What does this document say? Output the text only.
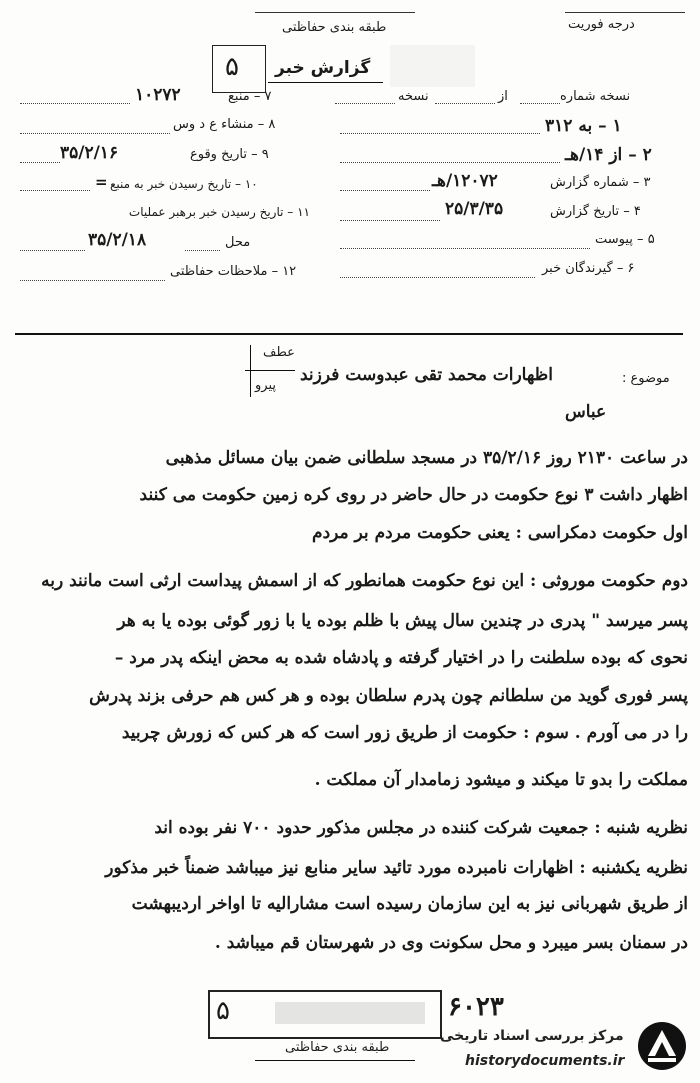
درجه فوریت
طبقه بندی حفاظتی
۵ گزارش خبر
نسخه شماره
از
نسخه
۱ – به ۳۱۲
۲ – از ۱۴/هـ
۳ – شماره گزارش
۱۲۰۷۲/هـ
۴ – تاریخ گزارش
۲۵/۳/۳۵
۵ – پیوست
۶ – گیرندگان خبر
۷ – منبع
۱۰۲۷۲
۸ – منشاء ع د وس
۹ – تاریخ وقوع
۳۵/۲/۱۶
۱۰ – تاریخ رسیدن خبر به منبع
=
۱۱ – تاریخ رسیدن خبر برهبر عملیات
محل
۳۵/۲/۱۸
۱۲ – ملاحظات حفاظتی
موضوع :
اظهارات محمد تقی عبدوست فرزند
عباس
عطف
پیرو
در ساعت ۲۱۳۰ روز ۳۵/۲/۱۶ در مسجد سلطانی ضمن بیان مسائل مذهبی
اظهار داشت ۳ نوع حکومت در حال حاضر در روی کره زمین حکومت می کنند
اول حکومت دمکراسی : یعنی حکومت مردم بر مردم
دوم حکومت موروثی : این نوع حکومت همانطور که از اسمش پیداست ارثی است مانند ربه
پسر میرسد " پدری در چندین سال پیش با ظلم بوده یا با زور گوئی بوده یا به هر
نحوی که بوده سلطنت را در اختیار گرفته و پادشاه شده به محض اینکه پدر مرد –
پسر فوری گوید من سلطانم چون پدرم سلطان بوده و هر کس هم حرفی بزند پدرش
را در می آورم . سوم : حکومت از طریق زور است که هر کس که زورش چربید
مملکت را بدو تا میکند و میشود زمامدار آن مملکت .
نظریه شنبه : جمعیت شرکت کننده در مجلس مذکور حدود ۷۰۰ نفر بوده اند
نظریه یکشنبه : اظهارات نامبرده مورد تائید سایر منابع نیز میباشد ضمناً خبر مذکور
از طریق شهربانی نیز به این سازمان رسیده است مشارالیه تا اواخر اردیبهشت
در سمنان بسر میبرد و محل سکونت وی در شهرستان قم میباشد .
۵	۶۰۲۳
طبقه بندی حفاظتی
مرکز بررسی اسناد تاریخی
historydocuments.ir
